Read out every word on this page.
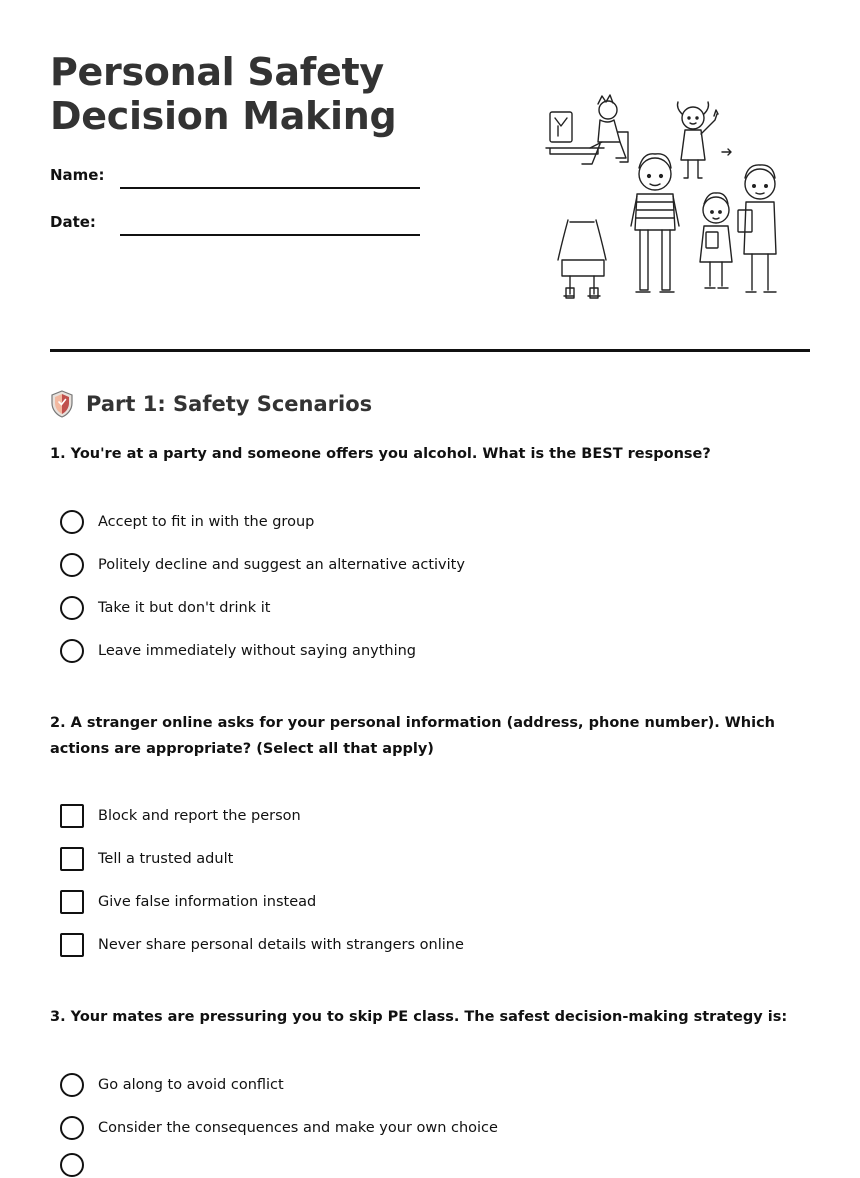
Personal Safety Decision Making
Name:
Date:
Part 1: Safety Scenarios
1. You're at a party and someone offers you alcohol. What is the BEST response?
Accept to fit in with the group
Politely decline and suggest an alternative activity
Take it but don't drink it
Leave immediately without saying anything
2. A stranger online asks for your personal information (address, phone number). Which actions are appropriate? (Select all that apply)
Block and report the person
Tell a trusted adult
Give false information instead
Never share personal details with strangers online
3. Your mates are pressuring you to skip PE class. The safest decision-making strategy is:
Go along to avoid conflict
Consider the consequences and make your own choice
